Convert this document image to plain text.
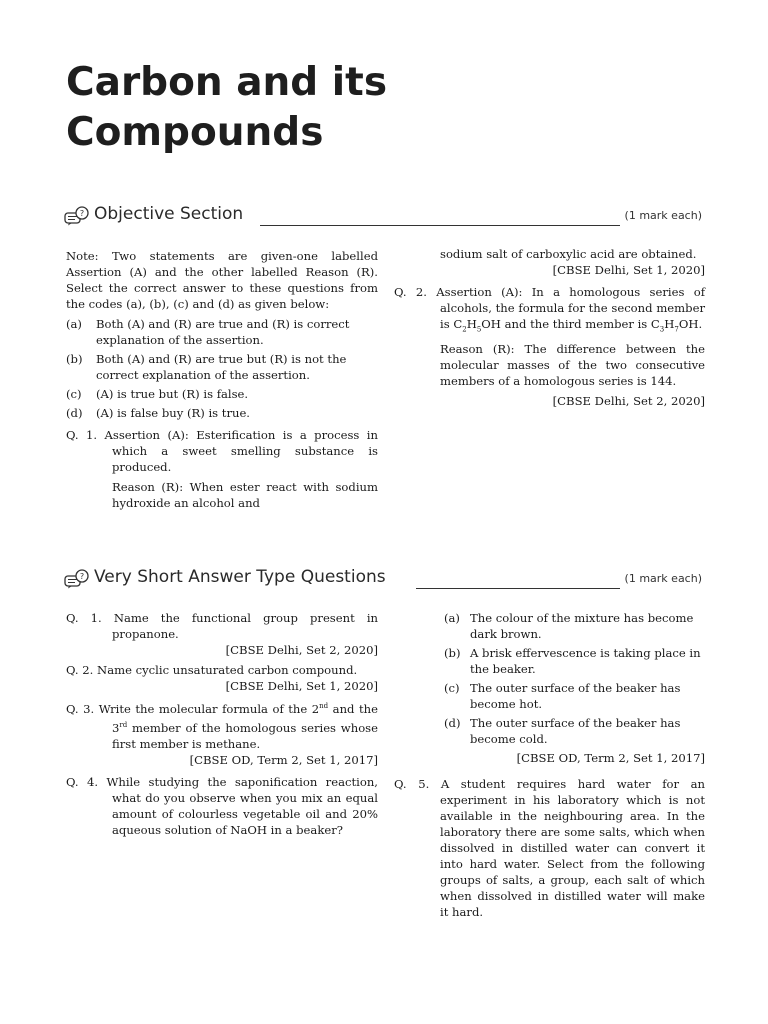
Carbon and its
Compounds
? Objective Section	(1 mark each)

Note: Two statements are given-one labelled Assertion (A) and the other labelled Reason (R). Select the correct answer to these questions from the codes (a), (b), (c) and (d) as given below:

(a)	Both (A) and (R) are true and (R) is correct explanation of the assertion.
(b)	Both (A) and (R) are true but (R) is not the correct explanation of the assertion.
(c)	(A) is true but (R) is false.
(d)	(A) is false buy (R) is true.

Q. 1. Assertion (A): Esterification is a process in which a sweet smelling substance is produced.

Reason (R): When ester react with sodium hydroxide an alcohol and

sodium salt of carboxylic acid are obtained.

[CBSE Delhi, Set 1, 2020]

Q. 2. Assertion (A): In a homologous series of alcohols, the formula for the second member is $C_2H_5OH$ and the third member is $C_3H_7OH$.

Reason (R): The difference between the molecular masses of the two consecutive members of a homologous series is 144.

[CBSE Delhi, Set 2, 2020]

? Very Short Answer Type Questions	(1 mark each)

Q. 1. Name the functional group present in propanone.

[CBSE Delhi, Set 2, 2020]

Q. 2. Name cyclic unsaturated carbon compound.

[CBSE Delhi, Set 1, 2020]

Q. 3. Write the molecular formula of the 2nd and the 3rd member of the homologous series whose first member is methane.

[CBSE OD, Term 2, Set 1, 2017]

Q. 4. While studying the saponification reaction, what do you observe when you mix an equal amount of colourless vegetable oil and 20% aqueous solution of NaOH in a beaker?

(a) The colour of the mixture has become dark brown.
(b) A brisk effervescence is taking place in the beaker.
(c) The outer surface of the beaker has become hot.
(d) The outer surface of the beaker has become cold.

[CBSE OD, Term 2, Set 1, 2017]

Q. 5. A student requires hard water for an experiment in his laboratory which is not available in the neighbouring area. In the laboratory there are some salts, which when dissolved in distilled water can convert it into hard water. Select from the following groups of salts, a group, each salt of which when dissolved in distilled water will make it hard.
